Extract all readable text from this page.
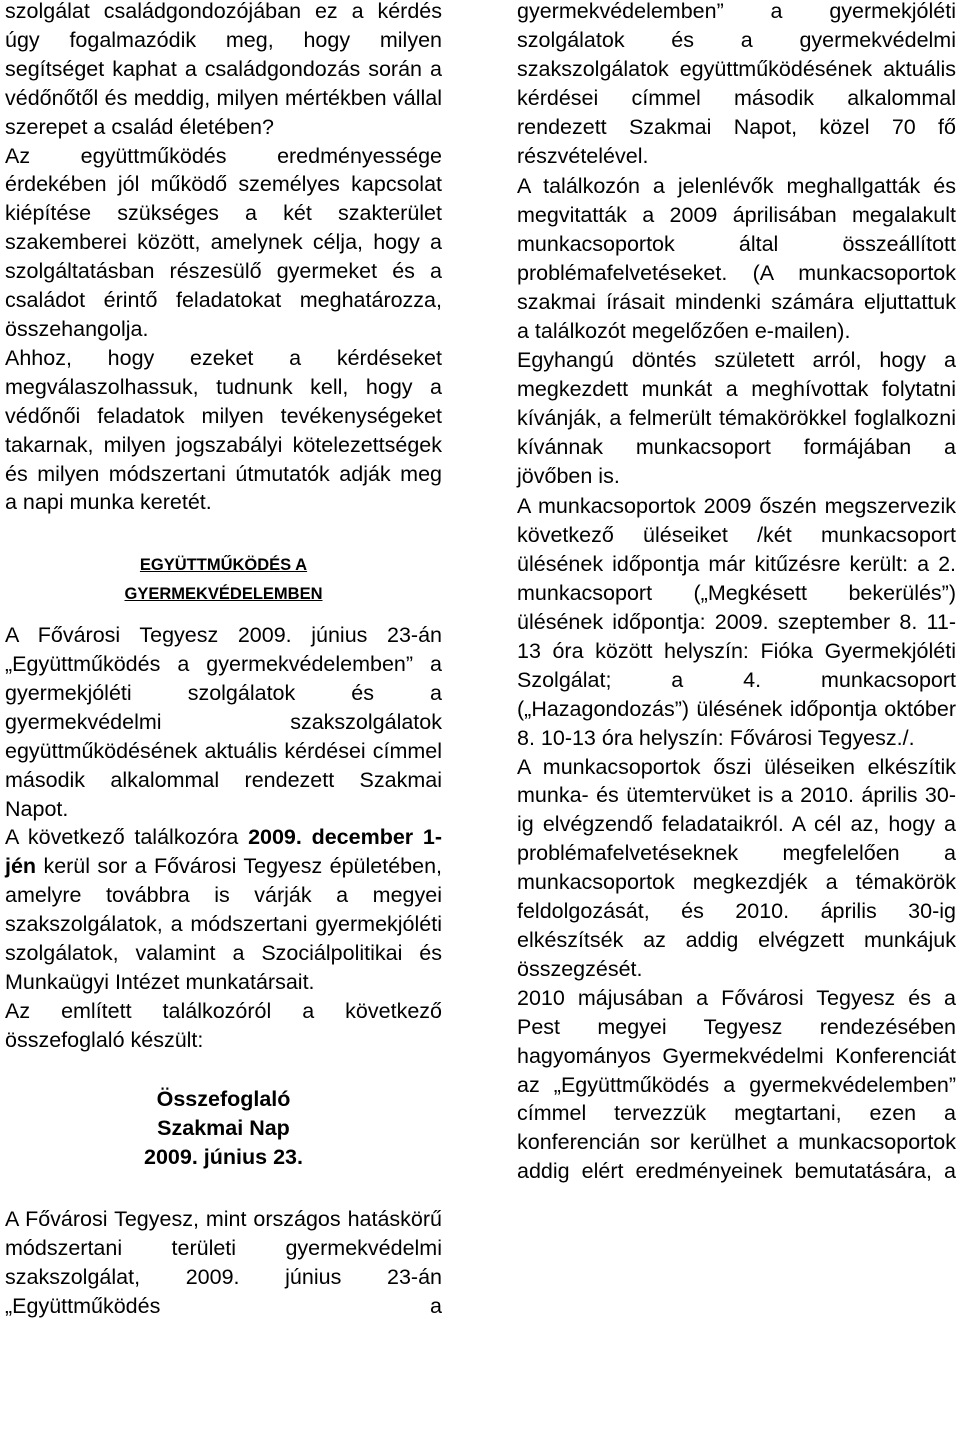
szolgálat családgondozójában ez a kérdés úgy fogalmazódik meg, hogy milyen segítséget kaphat a családgondozás során a védőnőtől és meddig, milyen mértékben vállal szerepet a család életében?

Az együttműködés eredményessége érdekében jól működő személyes kapcsolat kiépítése szükséges a két szakterület szakemberei között, amelynek célja, hogy a szolgáltatásban részesülő gyermeket és a családot érintő feladatokat meghatározza, összehangolja.

Ahhoz, hogy ezeket a kérdéseket megválaszolhassuk, tudnunk kell, hogy a védőnői feladatok milyen tevékenységeket takarnak, milyen jogszabályi kötelezettségek és milyen módszertani útmutatók adják meg a napi munka keretét.

EGYÜTTMŰKÖDÉS A

GYERMEKVÉDELEMBEN

A Fővárosi Tegyesz 2009. június 23-án „Együttműködés a gyermekvédelemben” a gyermekjóléti szolgálatok és a gyermekvédelmi szakszolgálatok együttműködésének aktuális kérdései címmel második alkalommal rendezett Szakmai Napot.

A következő találkozóra 2009. december 1-jén kerül sor a Fővárosi Tegyesz épületében, amelyre továbbra is várják a megyei szakszolgálatok, a módszertani gyermekjóléti szolgálatok, valamint a Szociálpolitikai és Munkaügyi Intézet munkatársait.

Az említett találkozóról a következő összefoglaló készült:

Összefoglaló

Szakmai Nap

2009. június 23.

A Fővárosi Tegyesz, mint országos hatáskörű módszertani területi gyermekvédelmi szakszolgálat, 2009. június 23-án „Együttműködés a

gyermekvédelemben” a gyermekjóléti szolgálatok és a gyermekvédelmi szakszolgálatok együttműködésének aktuális kérdései címmel második alkalommal rendezett Szakmai Napot, közel 70 fő részvételével.

A találkozón a jelenlévők meghallgatták és megvitatták a 2009 áprilisában megalakult munkacsoportok által összeállított problémafelvetéseket. (A munkacsoportok szakmai írásait mindenki számára eljuttattuk a találkozót megelőzően e-mailen).

Egyhangú döntés született arról, hogy a megkezdett munkát a meghívottak folytatni kívánják, a felmerült témakörökkel foglalkozni kívánnak munkacsoport formájában a jövőben is.

A munkacsoportok 2009 őszén megszervezik következő üléseiket /két munkacsoport ülésének időpontja már kitűzésre került: a 2. munkacsoport („Megkésett bekerülés”) ülésének időpontja: 2009. szeptember 8. 11-13 óra között helyszín: Fióka Gyermekjóléti Szolgálat; a 4. munkacsoport („Hazagondozás”) ülésének időpontja október 8. 10-13 óra helyszín: Fővárosi Tegyesz./.

A munkacsoportok őszi üléseiken elkészítik munka- és ütemtervüket is a 2010. április 30-ig elvégzendő feladataikról. A cél az, hogy a problémafelvetéseknek megfelelően a munkacsoportok megkezdjék a témakörök feldolgozását, és 2010. április 30-ig elkészítsék az addig elvégzett munkájuk összegzését.

2010 májusában a Fővárosi Tegyesz és a Pest megyei Tegyesz rendezésében hagyományos Gyermekvédelmi Konferenciát az „Együttműködés a gyermekvédelemben” címmel tervezzük megtartani, ezen a konferencián sor kerülhet a munkacsoportok addig elért eredményeinek bemutatására, a
